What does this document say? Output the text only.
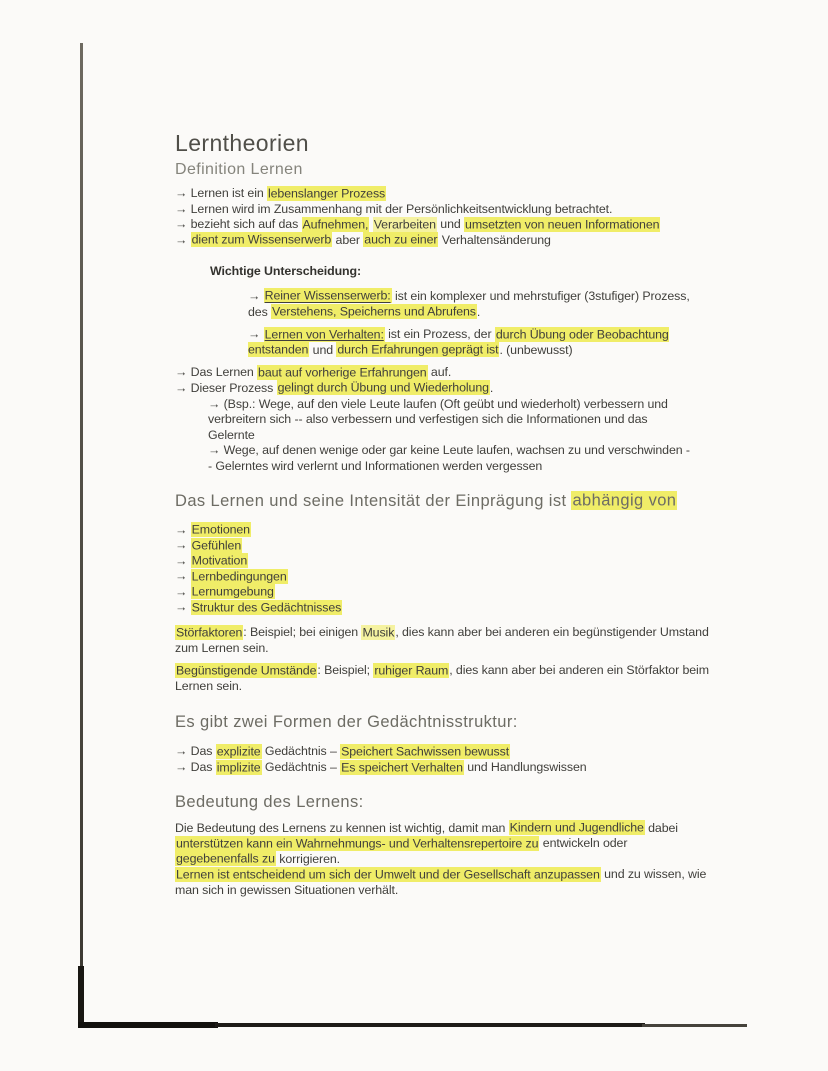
Lerntheorien
Definition Lernen
→ Lernen ist ein lebenslanger Prozess
→ Lernen wird im Zusammenhang mit der Persönlichkeitsentwicklung betrachtet.
→ bezieht sich auf das Aufnehmen, Verarbeiten und umsetzten von neuen Informationen
→ dient zum Wissenserwerb aber auch zu einer Verhaltensänderung
Wichtige Unterscheidung:
→ Reiner Wissenserwerb: ist ein komplexer und mehrstufiger (3stufiger) Prozess, des Verstehens, Speicherns und Abrufens.
→ Lernen von Verhalten: ist ein Prozess, der durch Übung oder Beobachtung entstanden und durch Erfahrungen geprägt ist. (unbewusst)
→ Das Lernen baut auf vorherige Erfahrungen auf.
→ Dieser Prozess gelingt durch Übung und Wiederholung.
→ (Bsp.: Wege, auf den viele Leute laufen (Oft geübt und wiederholt) verbessern und verbreitern sich -- also verbessern und verfestigen sich die Informationen und das Gelernte
→ Wege, auf denen wenige oder gar keine Leute laufen, wachsen zu und verschwinden -- Gelerntes wird verlernt und Informationen werden vergessen
Das Lernen und seine Intensität der Einprägung ist abhängig von
→ Emotionen
→ Gefühlen
→ Motivation
→ Lernbedingungen
→ Lernumgebung
→ Struktur des Gedächtnisses
Störfaktoren: Beispiel; bei einigen Musik, dies kann aber bei anderen ein begünstigender Umstand zum Lernen sein.
Begünstigende Umstände: Beispiel; ruhiger Raum, dies kann aber bei anderen ein Störfaktor beim Lernen sein.
Es gibt zwei Formen der Gedächtnisstruktur:
→ Das explizite Gedächtnis – Speichert Sachwissen bewusst
→ Das implizite Gedächtnis – Es speichert Verhalten und Handlungswissen
Bedeutung des Lernens:
Die Bedeutung des Lernens zu kennen ist wichtig, damit man Kindern und Jugendliche dabei unterstützen kann ein Wahrnehmungs- und Verhaltensrepertoire zu entwickeln oder gegebenenfalls zu korrigieren.
Lernen ist entscheidend um sich der Umwelt und der Gesellschaft anzupassen und zu wissen, wie man sich in gewissen Situationen verhält.
